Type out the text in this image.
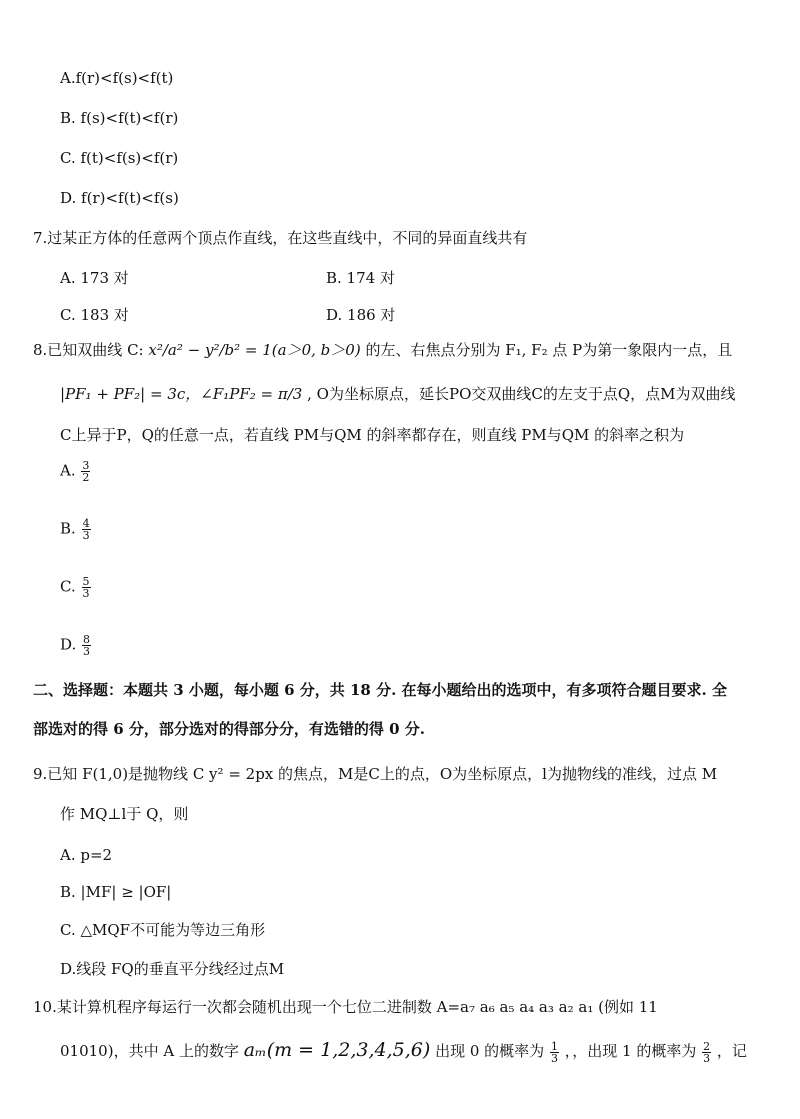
A.f(r)<f(s)<f(t)
B. f(s)<f(t)<f(r)
C. f(t)<f(s)<f(r)
D. f(r)<f(t)<f(s)
7.过某正方体的任意两个顶点作直线，在这些直线中，不同的异面直线共有
A. 173 对	B. 174 对
C. 183 对	D. 186 对
8.已知双曲线 C: x²/a² − y²/b² = 1(a＞0, b＞0) 的左、右焦点分别为 F₁, F₂ 点 P为第一象限内一点，且
|PF₁ + PF₂| = 3c，∠F₁PF₂ = π/3 , O为坐标原点，延长PO交双曲线C的左支于点Q，点M为双曲线
C上异于P，Q的任意一点，若直线 PM与QM 的斜率都存在，则直线 PM与QM 的斜率之积为
A. $\frac{3}{2}$
B. $\frac{4}{3}$
C. $\frac{5}{3}$
D. $\frac{8}{3}$
二、选择题：本题共 3 小题，每小题 6 分，共 18 分. 在每小题给出的选项中，有多项符合题目要求. 全
部选对的得 6 分，部分选对的得部分分，有选错的得 0 分.
9.已知 F(1,0)是抛物线 C y² = 2px 的焦点，M是C上的点，O为坐标原点，l为抛物线的准线，过点 M
作 MQ⊥l于 Q，则
A. p=2
B. |MF| ≥ |OF|
C. △MQF不可能为等边三角形
D.线段 FQ的垂直平分线经过点M
10.某计算机程序每运行一次都会随机出现一个七位二进制数 A=a₇ a₆ a₅ a₄ a₃ a₂ a₁ (例如 11
01010)，共中 A 上的数字 aₘ(m = 1,2,3,4,5,6) 出现 0 的概率为 $\frac{1}{3}$ ，，出现 1 的概率为 $\frac{2}{3}$ ，记
